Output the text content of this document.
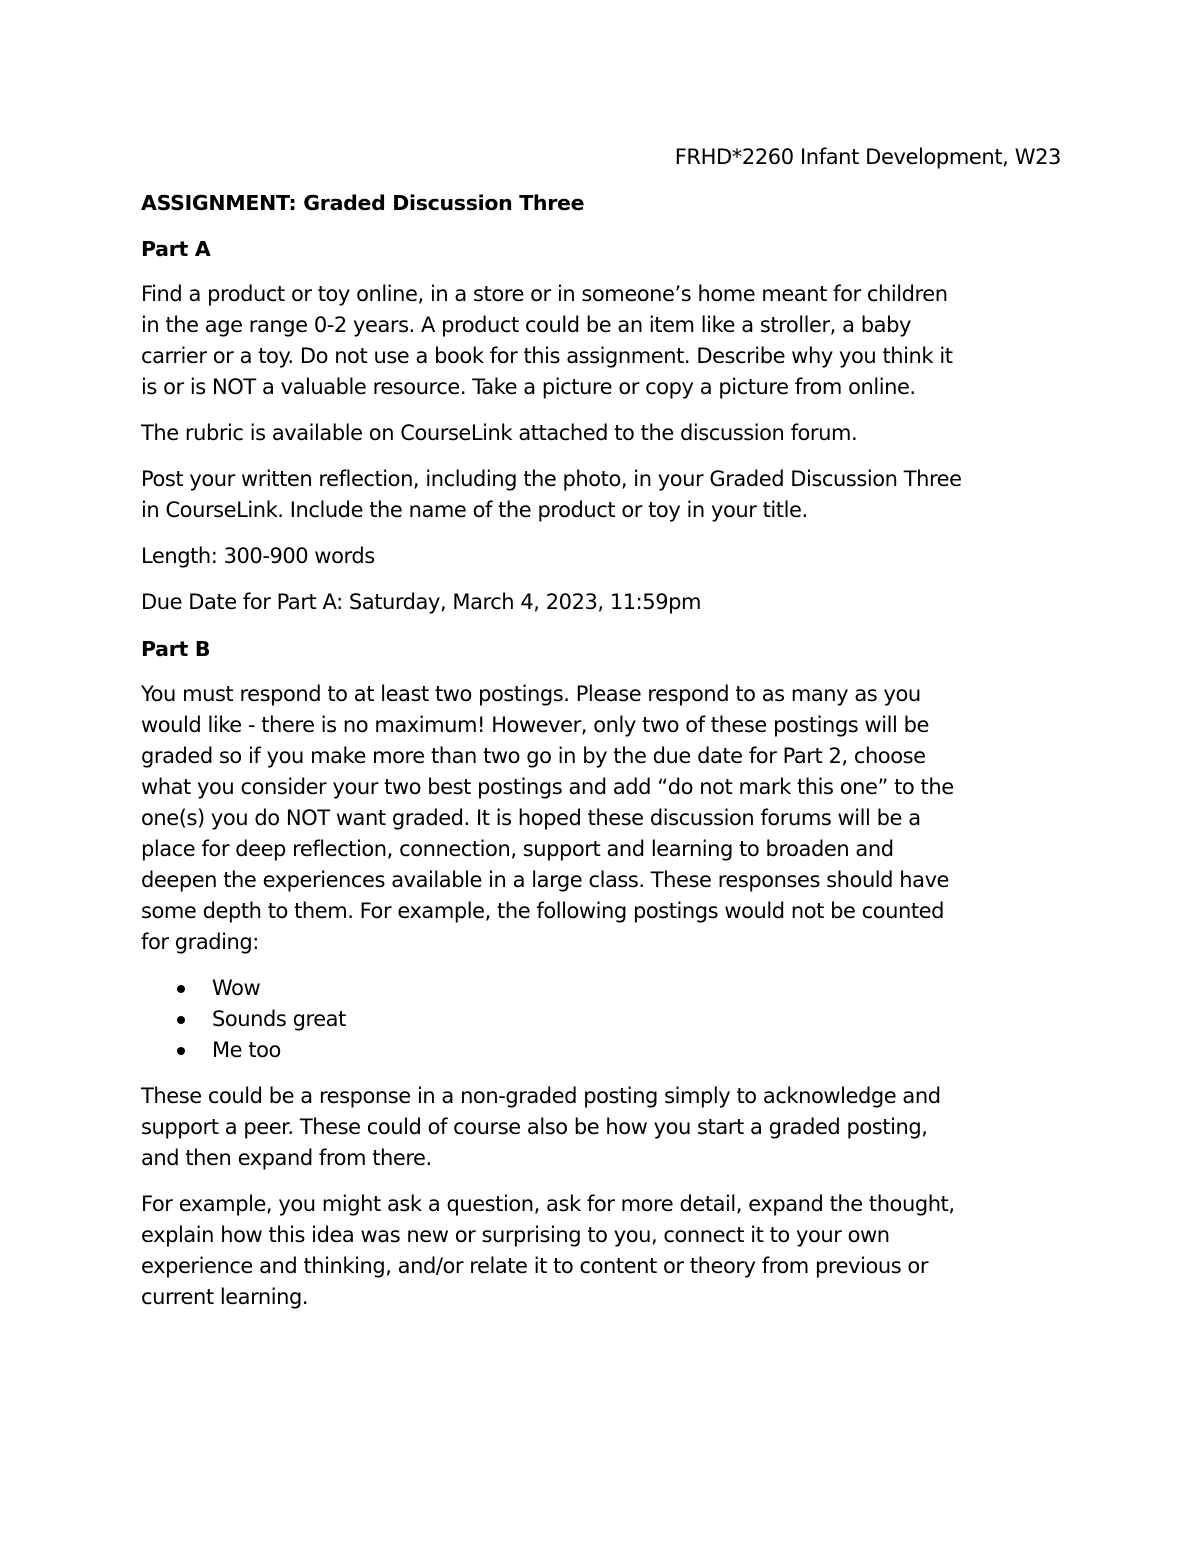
FRHD*2260 Infant Development, W23
ASSIGNMENT: Graded Discussion Three
Part A

Find a product or toy online, in a store or in someone’s home meant for children
in the age range 0-2 years. A product could be an item like a stroller, a baby
carrier or a toy. Do not use a book for this assignment. Describe why you think it
is or is NOT a valuable resource. Take a picture or copy a picture from online.

The rubric is available on CourseLink attached to the discussion forum.

Post your written reflection, including the photo, in your Graded Discussion Three
in CourseLink. Include the name of the product or toy in your title.

Length: 300-900 words

Due Date for Part A: Saturday, March 4, 2023, 11:59pm

Part B

You must respond to at least two postings. Please respond to as many as you
would like - there is no maximum! However, only two of these postings will be
graded so if you make more than two go in by the due date for Part 2, choose
what you consider your two best postings and add “do not mark this one” to the
one(s) you do NOT want graded. It is hoped these discussion forums will be a
place for deep reflection, connection, support and learning to broaden and
deepen the experiences available in a large class. These responses should have
some depth to them. For example, the following postings would not be counted
for grading:

Wow
Sounds great
Me too

These could be a response in a non-graded posting simply to acknowledge and
support a peer. These could of course also be how you start a graded posting,
and then expand from there.

For example, you might ask a question, ask for more detail, expand the thought,
explain how this idea was new or surprising to you, connect it to your own
experience and thinking, and/or relate it to content or theory from previous or
current learning.
